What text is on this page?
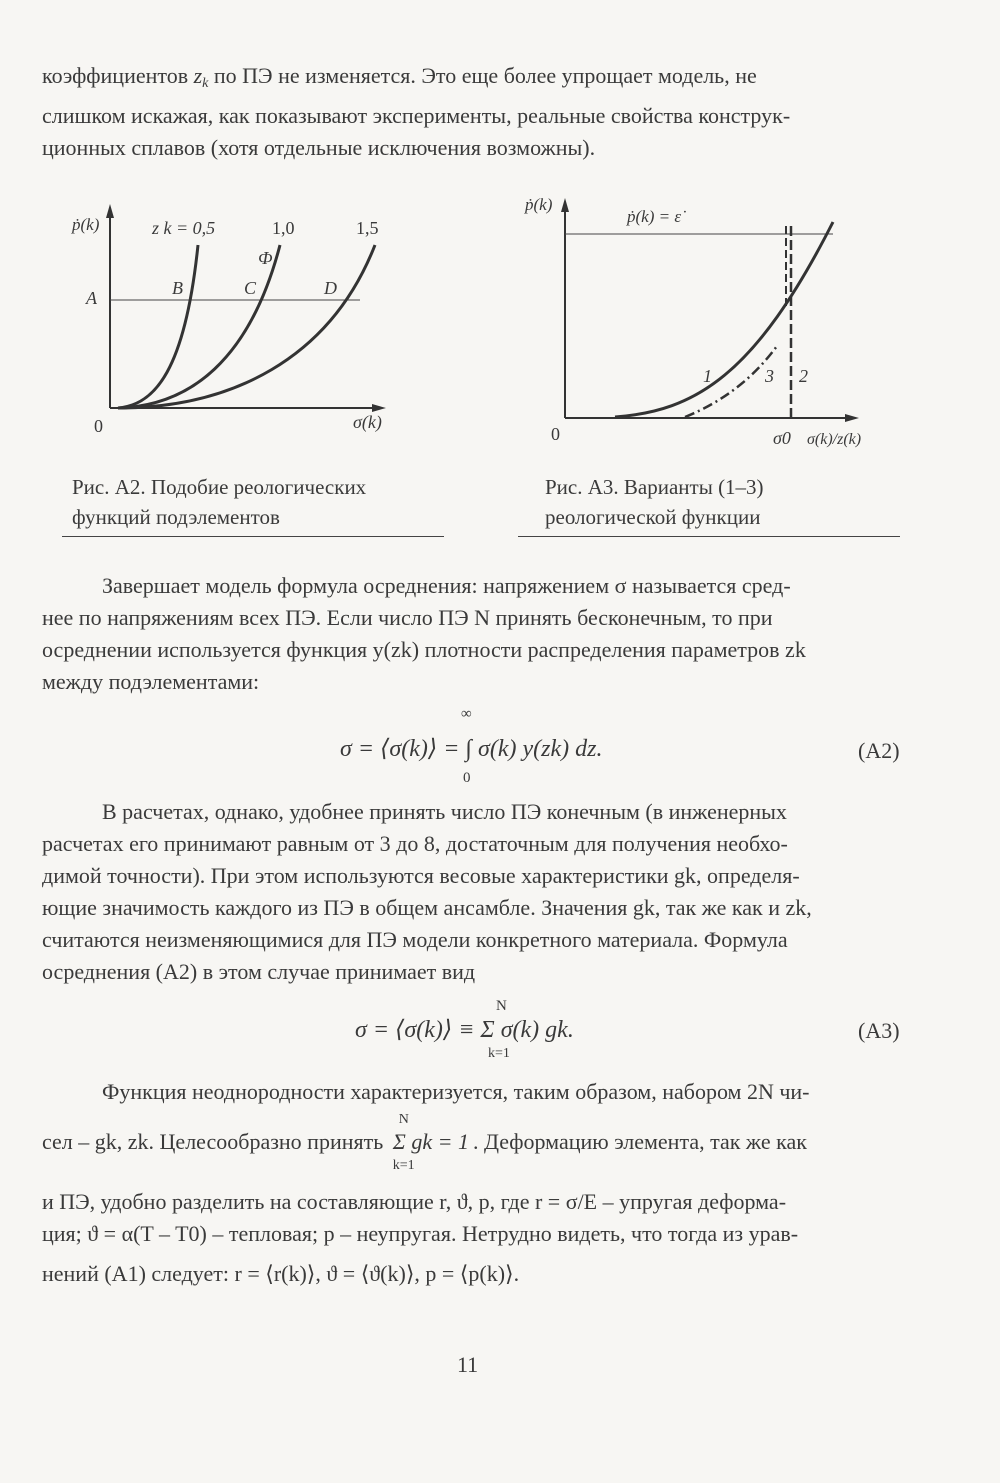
коэффициентов $z_k$ по ПЭ не изменяется. Это еще более упрощает модель, не
слишком искажая, как показывают эксперименты, реальные свойства конструк-
ционных сплавов (хотя отдельные исключения возможны).
ṗ(k)
0	σ(k)
z k = 0,5	1,0	1,5
Ф
A	B	C	D
Рис. А2. Подобие реологических
функций подэлементов
ṗ(k)
ṗ(k) = ε̇
0
1	3 2
σ0 σ(k)/z(k)
Рис. А3. Варианты (1–3)
реологической функции
Завершает модель формула осреднения: напряжением σ называется сред-
нее по напряжениям всех ПЭ. Если число ПЭ N принять бесконечным, то при
осреднении используется функция y(zk) плотности распределения параметров zk
между подэлементами:
σ = ⟨σ(k)⟩ = ∫ σ(k) y(zk) dz.
∞
0
(A2)
В расчетах, однако, удобнее принять число ПЭ конечным (в инженерных
расчетах его принимают равным от 3 до 8, достаточным для получения необхо-
димой точности). При этом используются весовые характеристики gk, определя-
ющие значимость каждого из ПЭ в общем ансамбле. Значения gk, так же как и zk,
считаются неизменяющимися для ПЭ модели конкретного материала. Формула
осреднения (A2) в этом случае принимает вид
σ = ⟨σ(k)⟩ ≡ Σ σ(k) gk.
N
k=1
(A3)
Функция неоднородности характеризуется, таким образом, набором 2N чи-
сел – gk, zk. Целесообразно принять
N
Σ gk = 1
k=1
. Деформацию элемента, так же как
и ПЭ, удобно разделить на составляющие r, ϑ, p, где r = σ/E – упругая деформа-
ция; ϑ = α(T – T0) – тепловая; p – неупругая. Нетрудно видеть, что тогда из урав-
нений (A1) следует: r = ⟨r(k)⟩, ϑ = ⟨ϑ(k)⟩, p = ⟨p(k)⟩.
11
